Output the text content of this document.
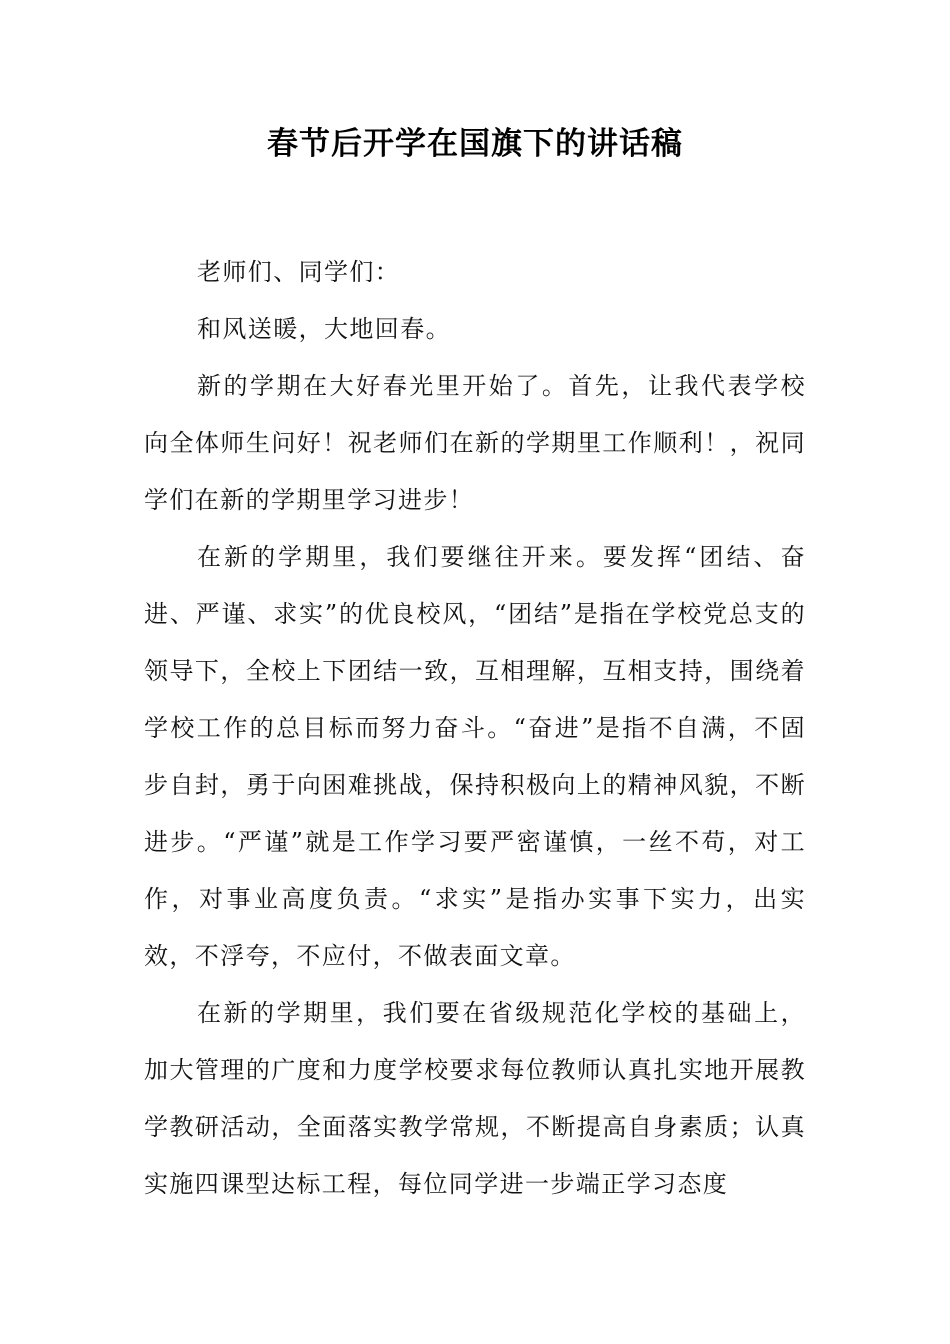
春节后开学在国旗下的讲话稿

老师们、同学们：

和风送暖，大地回春。

新的学期在大好春光里开始了。首先，让我代表学校向全体师生问好！祝老师们在新的学期里工作顺利！，祝同学们在新的学期里学习进步！

在新的学期里，我们要继往开来。要发挥“团结、奋进、严谨、求实”的优良校风，“团结”是指在学校党总支的领导下，全校上下团结一致，互相理解，互相支持，围绕着学校工作的总目标而努力奋斗。“奋进”是指不自满，不固步自封，勇于向困难挑战，保持积极向上的精神风貌，不断进步。“严谨”就是工作学习要严密谨慎，一丝不苟，对工作，对事业高度负责。“求实”是指办实事下实力，出实效，不浮夸，不应付，不做表面文章。

在新的学期里，我们要在省级规范化学校的基础上，加大管理的广度和力度学校要求每位教师认真扎实地开展教学教研活动，全面落实教学常规，不断提高自身素质；认真实施四课型达标工程，每位同学进一步端正学习态度
